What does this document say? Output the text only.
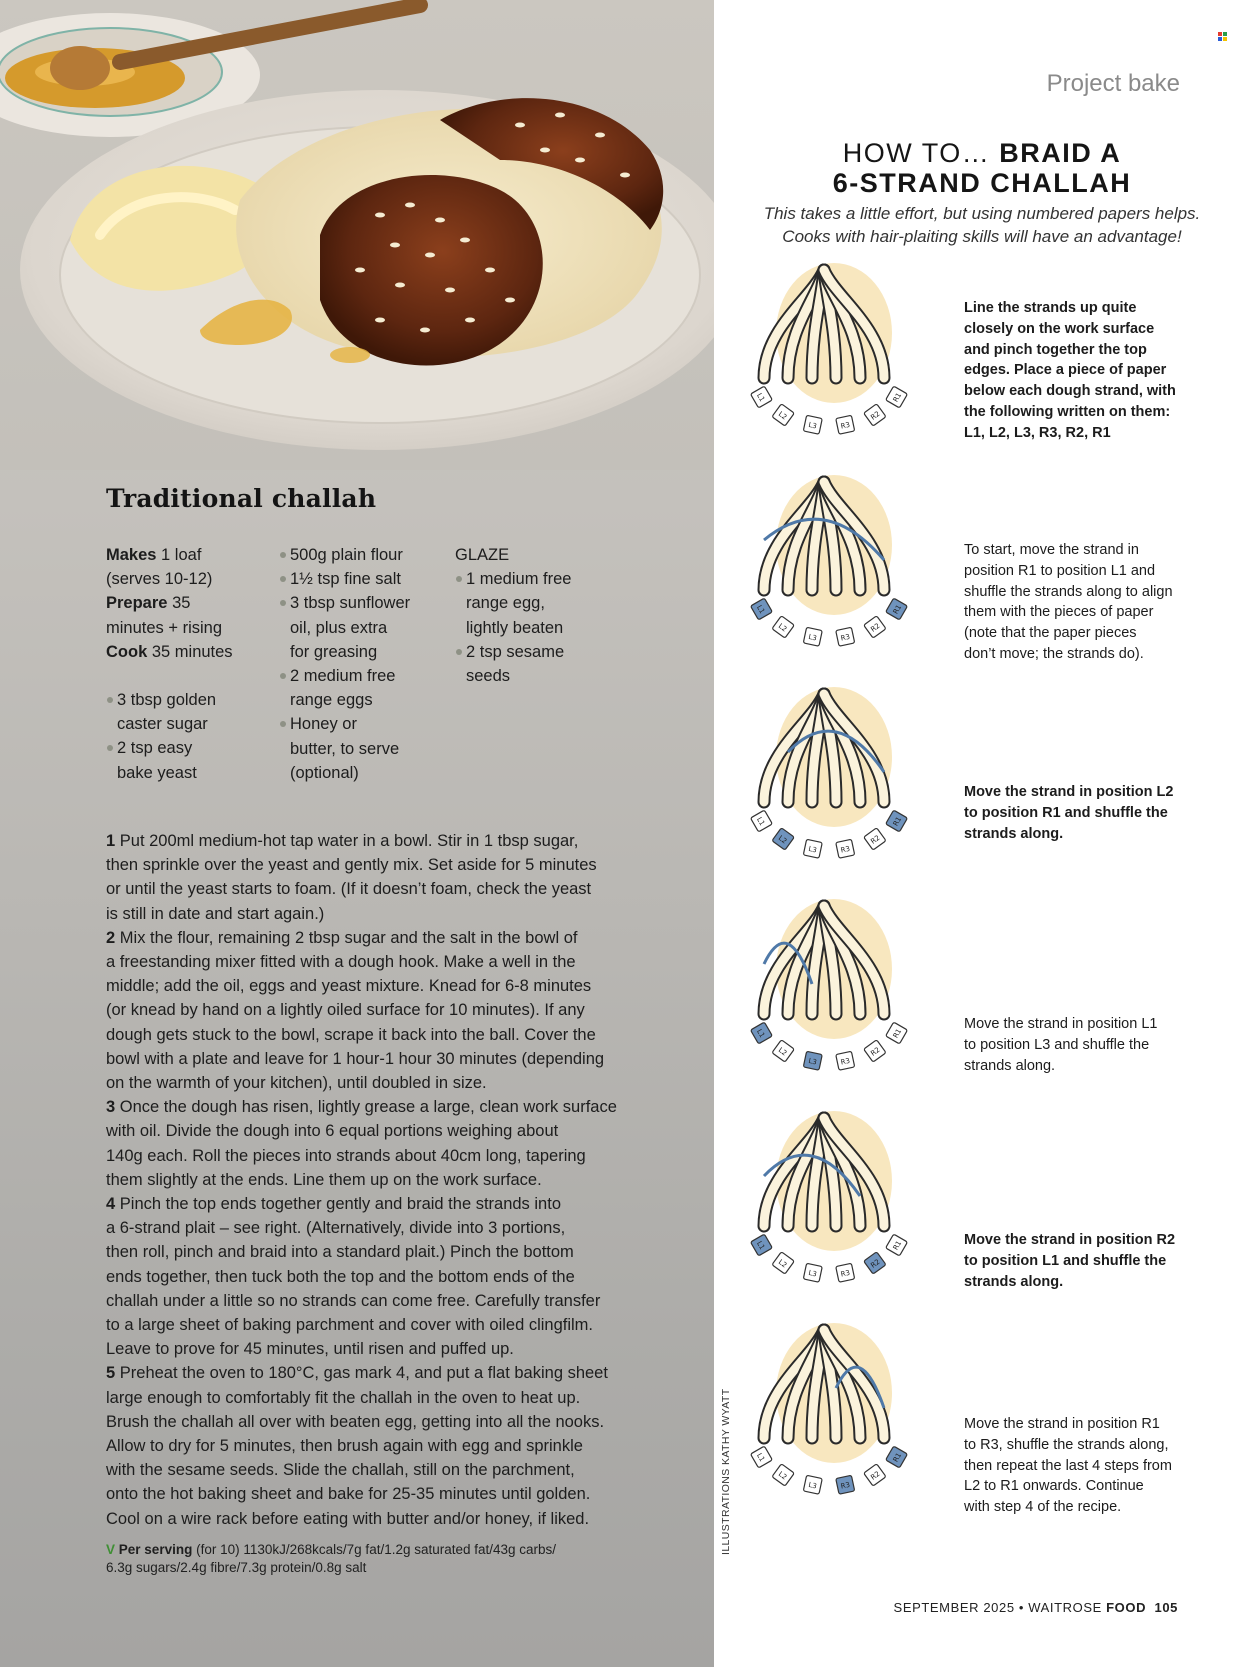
Traditional challah
Makes 1 loaf
(serves 10-12)
Prepare 35
minutes + rising
Cook 35 minutes
3 tbsp golden
caster sugar
2 tsp easy
bake yeast
500g plain flour
1½ tsp fine salt
3 tbsp sunflower
oil, plus extra
for greasing
2 medium free
range eggs
Honey or
butter, to serve
(optional)
GLAZE
1 medium free
range egg,
lightly beaten
2 tsp sesame
seeds

1 Put 200ml medium-hot tap water in a bowl. Stir in 1 tbsp sugar,
then sprinkle over the yeast and gently mix. Set aside for 5 minutes
or until the yeast starts to foam. (If it doesn’t foam, check the yeast
is still in date and start again.)

2 Mix the flour, remaining 2 tbsp sugar and the salt in the bowl of
a freestanding mixer fitted with a dough hook. Make a well in the
middle; add the oil, eggs and yeast mixture. Knead for 6-8 minutes
(or knead by hand on a lightly oiled surface for 10 minutes). If any
dough gets stuck to the bowl, scrape it back into the ball. Cover the
bowl with a plate and leave for 1 hour-1 hour 30 minutes (depending
on the warmth of your kitchen), until doubled in size.

3 Once the dough has risen, lightly grease a large, clean work surface
with oil. Divide the dough into 6 equal portions weighing about
140g each. Roll the pieces into strands about 40cm long, tapering
them slightly at the ends. Line them up on the work surface.

4 Pinch the top ends together gently and braid the strands into
a 6-strand plait – see right. (Alternatively, divide into 3 portions,
then roll, pinch and braid into a standard plait.) Pinch the bottom
ends together, then tuck both the top and the bottom ends of the
challah under a little so no strands can come free. Carefully transfer
to a large sheet of baking parchment and cover with oiled clingfilm.
Leave to prove for 45 minutes, until risen and puffed up.

5 Preheat the oven to 180°C, gas mark 4, and put a flat baking sheet
large enough to comfortably fit the challah in the oven to heat up.
Brush the challah all over with beaten egg, getting into all the nooks.
Allow to dry for 5 minutes, then brush again with egg and sprinkle
with the sesame seeds. Slide the challah, still on the parchment,
onto the hot baking sheet and bake for 25-35 minutes until golden.
Cool on a wire rack before eating with butter and/or honey, if liked.

V Per serving (for 10) 1130kJ/268kcals/7g fat/1.2g saturated fat/43g carbs/
6.3g sugars/2.4g fibre/7.3g protein/0.8g salt
ILLUSTRATIONS KATHY WYATT
Project bake
HOW TO… BRAID A
6-STRAND CHALLAH
This takes a little effort, but using numbered papers helps.
Cooks with hair-plaiting skills will have an advantage!
L1
L2
L3	R3
R2
R1
Line the strands up quite
closely on the work surface
and pinch together the top
edges. Place a piece of paper
below each dough strand, with
the following written on them:
L1, L2, L3, R3, R2, R1
L1
L2
L3	R3
R2
R1
To start, move the strand in
position R1 to position L1 and
shuffle the strands along to align
them with the pieces of paper
(note that the paper pieces
don’t move; the strands do).
L1
L2
L3	R3
R2
R1
Move the strand in position L2
to position R1 and shuffle the
strands along.
L1
L2
L3	R3
R2
R1
Move the strand in position L1
to position L3 and shuffle the
strands along.
L1
L2
L3	R3
R2
R1	Move the strand in position R2
to position L1 and shuffle the
strands along.
L1
L2
L3	R3
R2
R1
Move the strand in position R1
to R3, shuffle the strands along,
then repeat the last 4 steps from
L2 to R1 onwards. Continue
with step 4 of the recipe.
SEPTEMBER 2025 • WAITROSE FOOD 105
